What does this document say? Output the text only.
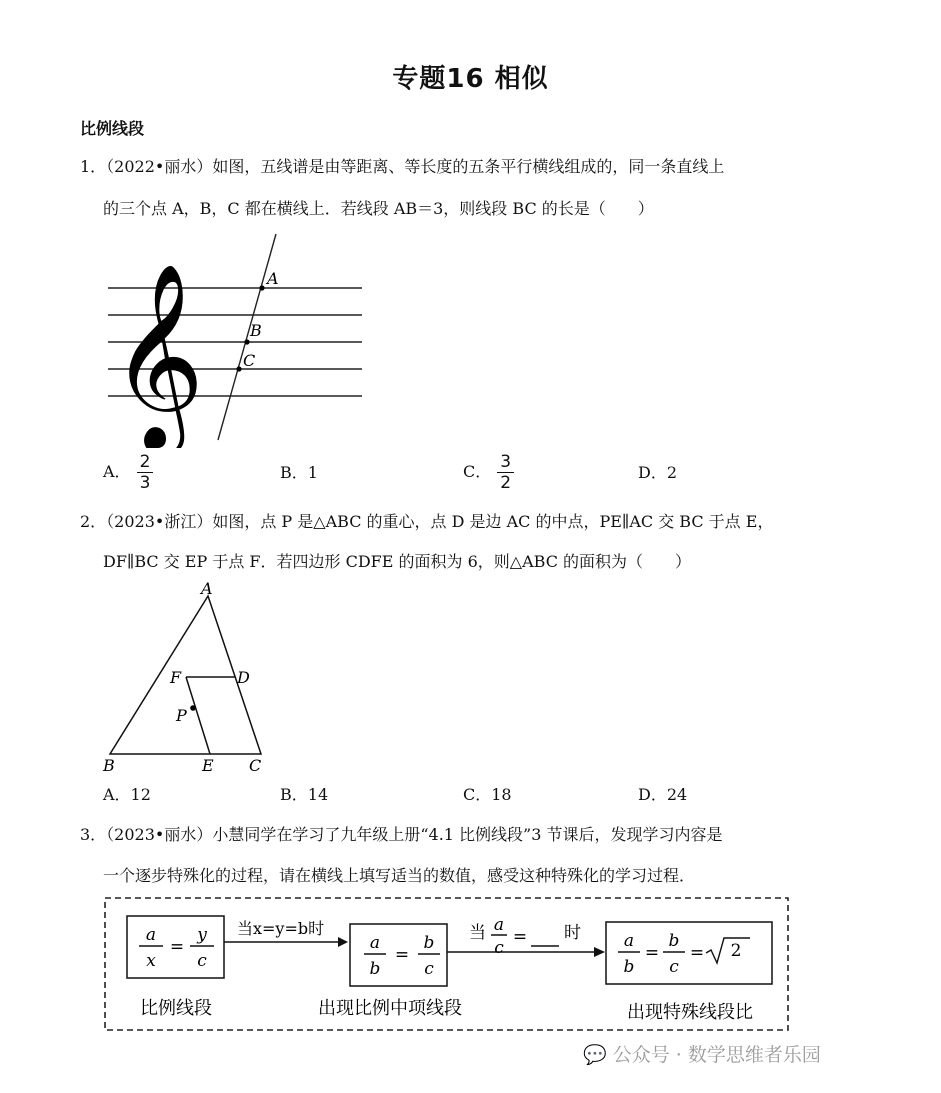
专题16 相似
比例线段
1．（2022•丽水）如图，五线谱是由等距离、等长度的五条平行横线组成的，同一条直线上
的三个点 A，B，C 都在横线上．若线段 AB＝3，则线段 BC 的长是（　　）
𝄞	A
B
C
A． $\frac{2}{3}$	B．1	C． $\frac{3}{2}$	D．2
2．（2023•浙江）如图，点 P 是△ABC 的重心，点 D 是边 AC 的中点，PE∥AC 交 BC 于点 E，
DF∥BC 交 EP 于点 F．若四边形 CDFE 的面积为 6，则△ABC 的面积为（　　）
A
B	C
D
E
F
P
A．12	B．14	C．18	D．24
3．（2023•丽水）小慧同学在学习了九年级上册“4.1 比例线段”3 节课后，发现学习内容是
一个逐步特殊化的过程，请在横线上填写适当的数值，感受这种特殊化的学习过程．
a
x
y
c
a
b
b
c
a
b
b
c
a
c
=	=	= = 2
=
当x=y=b时	当	时
比例线段	出现比例中项线段	出现特殊线段比
💬 公众号 · 数学思维者乐园
